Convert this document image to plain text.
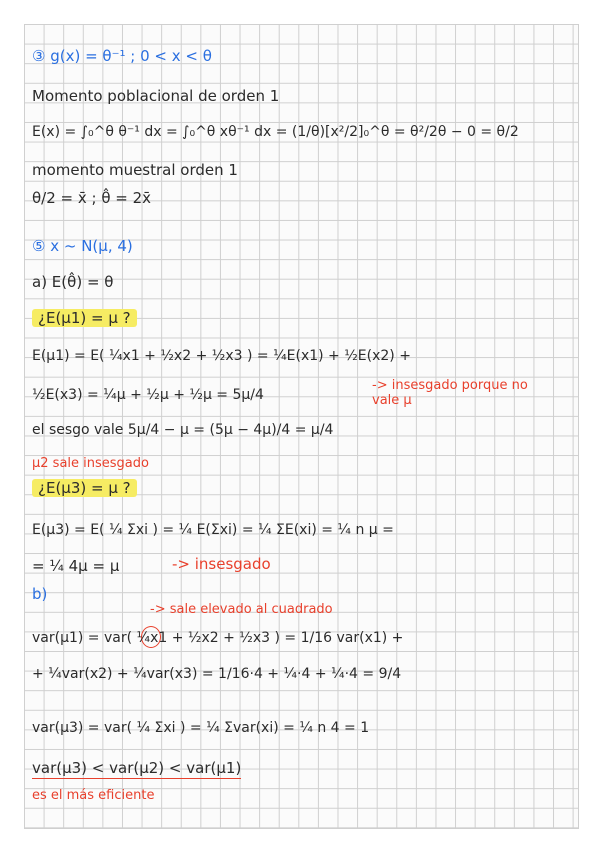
③ g(x) = θ⁻¹ ; 0 < x < θ
Momento poblacional de orden 1
E(x) = ∫₀^θ θ⁻¹ dx = ∫₀^θ xθ⁻¹ dx = (1/θ)[x²/2]₀^θ = θ²/2θ − 0 = θ/2
momento muestral orden 1
θ/2 = x̄ ; θ̂ = 2x̄
⑤ x ~ N(μ, 4)
a) E(θ̂) = θ
¿E(μ1) = μ ?
E(μ1) = E( ¼x1 + ½x2 + ½x3 ) = ¼E(x1) + ½E(x2) +
½E(x3) = ¼μ + ½μ + ½μ = 5μ/4
-> insesgado porque no vale μ
el sesgo vale 5μ/4 − μ = (5μ − 4μ)/4 = μ/4
μ2 sale insesgado
¿E(μ3) = μ ?
E(μ3) = E( ¼ Σxi ) = ¼ E(Σxi) = ¼ ΣE(xi) = ¼ n μ =
= ¼ 4μ = μ	-> insesgado
b)
-> sale elevado al cuadrado
var(μ1) = var( ¼x1 + ½x2 + ½x3 ) = 1/16 var(x1) +
+ ¼var(x2) + ¼var(x3) = 1/16·4 + ¼·4 + ¼·4 = 9/4
var(μ3) = var( ¼ Σxi ) = ¼ Σvar(xi) = ¼ n 4 = 1
var(μ3) < var(μ2) < var(μ1)
es el más eficiente
